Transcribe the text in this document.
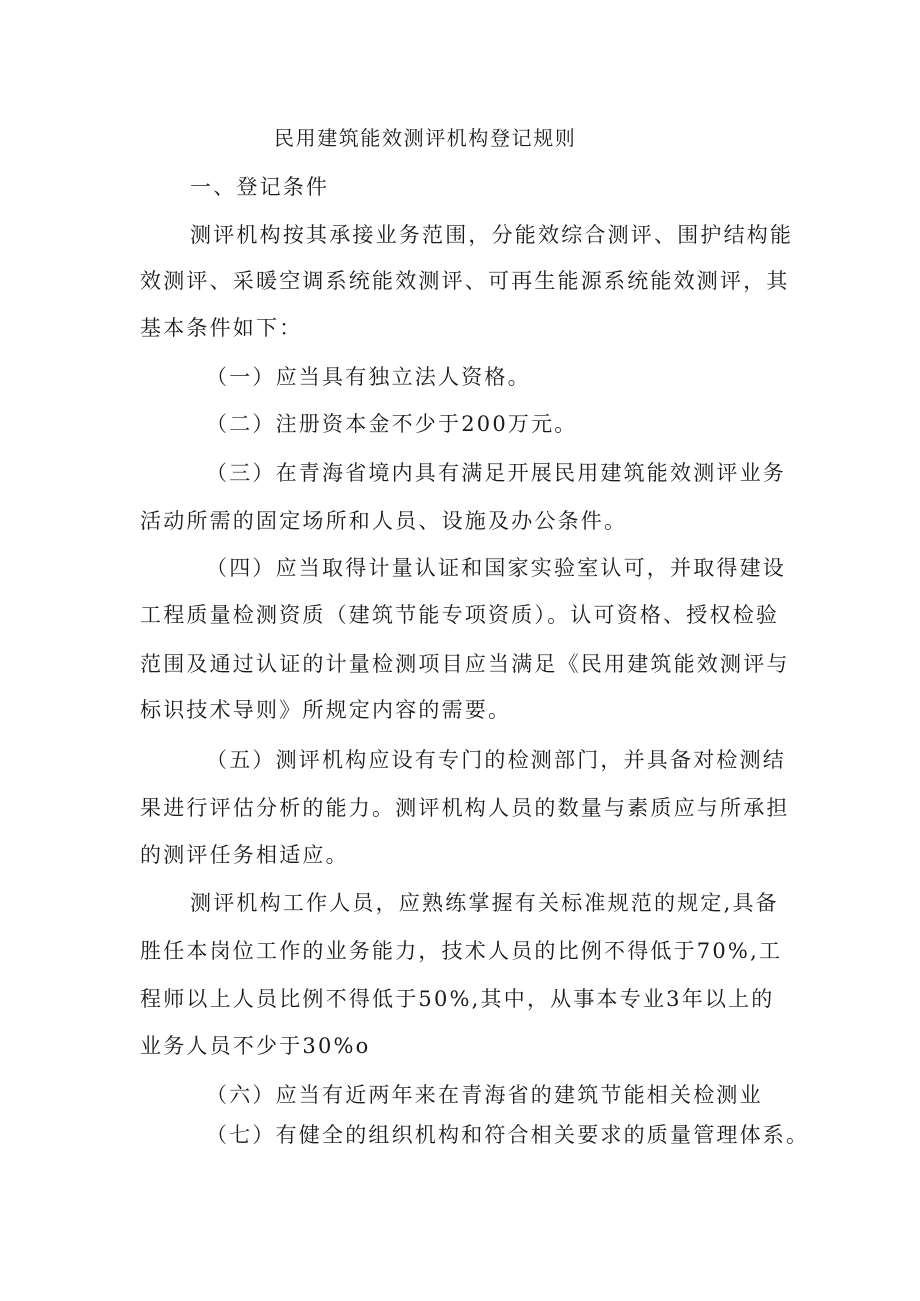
民用建筑能效测评机构登记规则
一、登记条件
测评机构按其承接业务范围，分能效综合测评、围护结构能
效测评、采暖空调系统能效测评、可再生能源系统能效测评，其
基本条件如下：
（一）应当具有独立法人资格。
（二）注册资本金不少于200万元。
（三）在青海省境内具有满足开展民用建筑能效测评业务
活动所需的固定场所和人员、设施及办公条件。
（四）应当取得计量认证和国家实验室认可，并取得建设
工程质量检测资质（建筑节能专项资质）。认可资格、授权检验
范围及通过认证的计量检测项目应当满足《民用建筑能效测评与
标识技术导则》所规定内容的需要。
（五）测评机构应设有专门的检测部门，并具备对检测结
果进行评估分析的能力。测评机构人员的数量与素质应与所承担
的测评任务相适应。
测评机构工作人员，应熟练掌握有关标准规范的规定,具备
胜任本岗位工作的业务能力，技术人员的比例不得低于70%,工
程师以上人员比例不得低于50%,其中，从事本专业3年以上的
业务人员不少于30%o
（六）应当有近两年来在青海省的建筑节能相关检测业
（七）有健全的组织机构和符合相关要求的质量管理体系。
